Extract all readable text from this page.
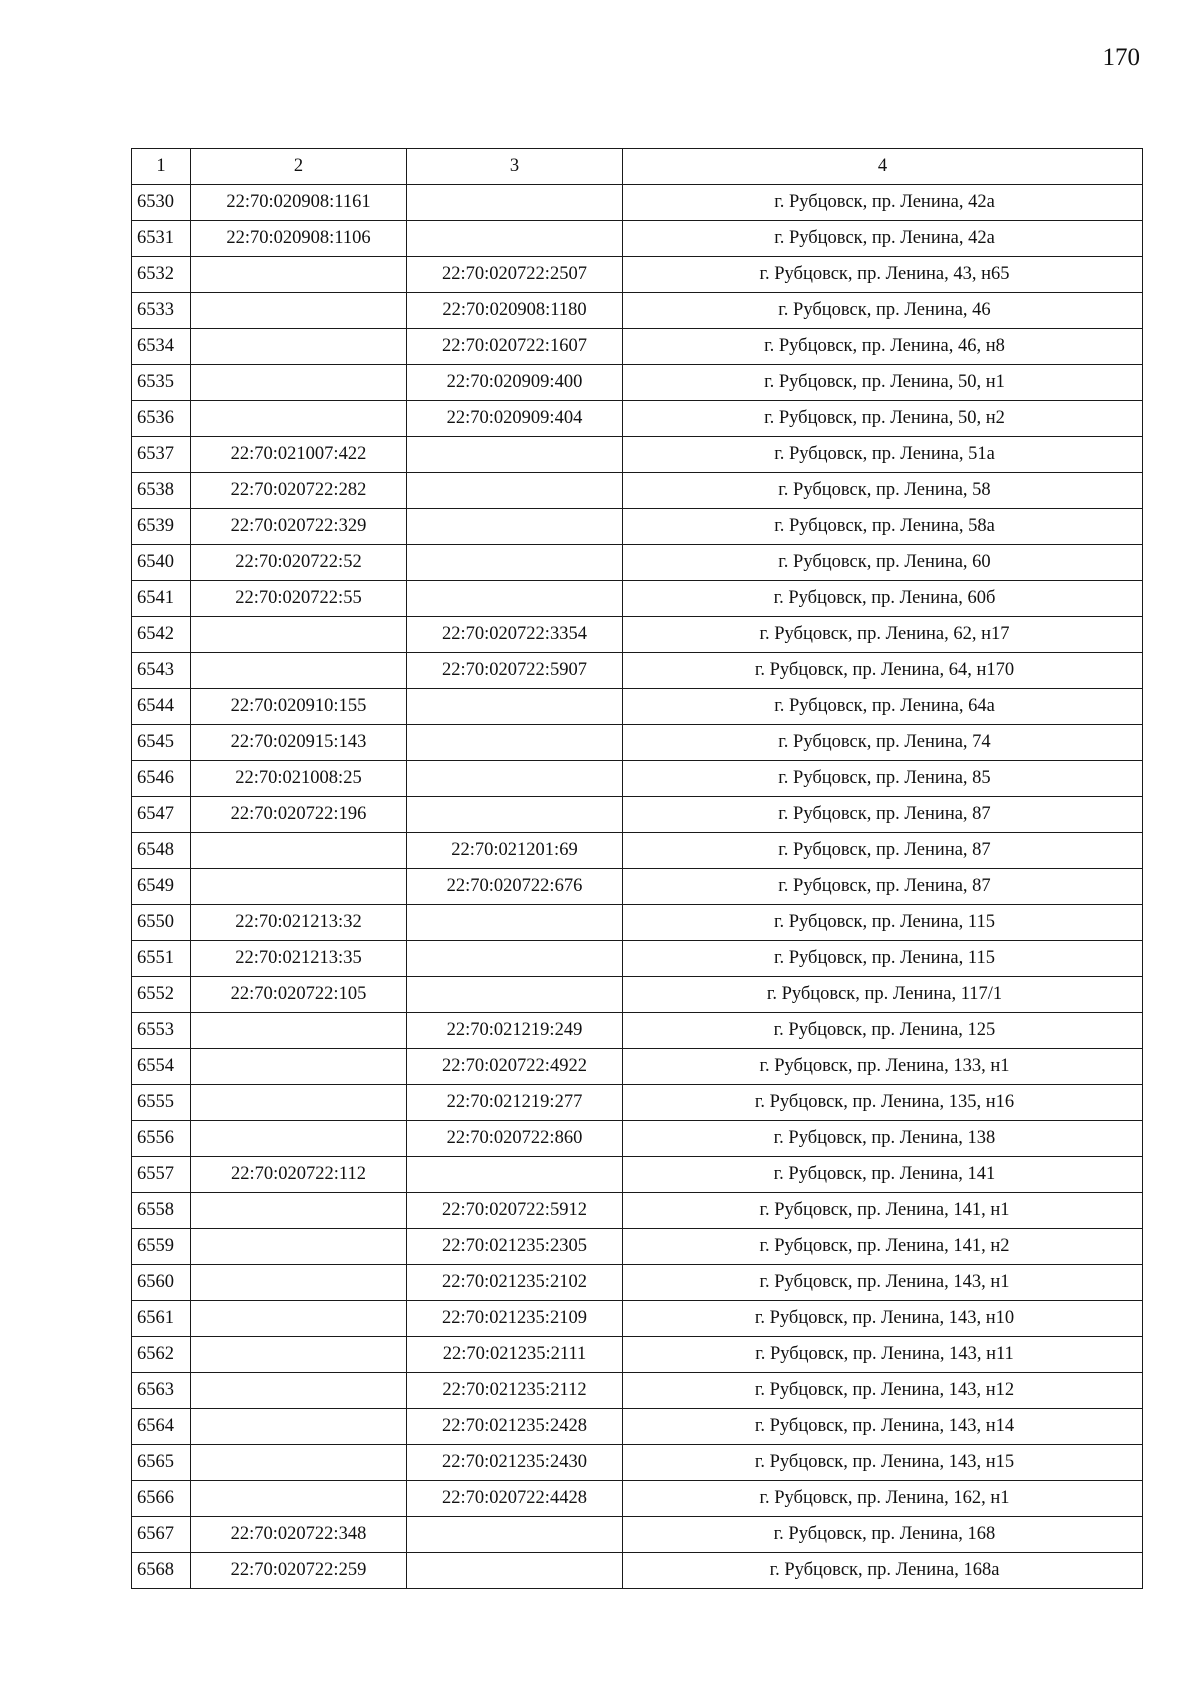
170
1	2	3	4
6530	22:70:020908:1161		г. Рубцовск, пр. Ленина, 42а
6531	22:70:020908:1106		г. Рубцовск, пр. Ленина, 42а
6532		22:70:020722:2507	г. Рубцовск, пр. Ленина, 43, н65
6533		22:70:020908:1180	г. Рубцовск, пр. Ленина, 46
6534		22:70:020722:1607	г. Рубцовск, пр. Ленина, 46, н8
6535		22:70:020909:400	г. Рубцовск, пр. Ленина, 50, н1
6536		22:70:020909:404	г. Рубцовск, пр. Ленина, 50, н2
6537	22:70:021007:422		г. Рубцовск, пр. Ленина, 51а
6538	22:70:020722:282		г. Рубцовск, пр. Ленина, 58
6539	22:70:020722:329		г. Рубцовск, пр. Ленина, 58а
6540	22:70:020722:52		г. Рубцовск, пр. Ленина, 60
6541	22:70:020722:55		г. Рубцовск, пр. Ленина, 60б
6542		22:70:020722:3354	г. Рубцовск, пр. Ленина, 62, н17
6543		22:70:020722:5907	г. Рубцовск, пр. Ленина, 64, н170
6544	22:70:020910:155		г. Рубцовск, пр. Ленина, 64а
6545	22:70:020915:143		г. Рубцовск, пр. Ленина, 74
6546	22:70:021008:25		г. Рубцовск, пр. Ленина, 85
6547	22:70:020722:196		г. Рубцовск, пр. Ленина, 87
6548		22:70:021201:69	г. Рубцовск, пр. Ленина, 87
6549		22:70:020722:676	г. Рубцовск, пр. Ленина, 87
6550	22:70:021213:32		г. Рубцовск, пр. Ленина, 115
6551	22:70:021213:35		г. Рубцовск, пр. Ленина, 115
6552	22:70:020722:105		г. Рубцовск, пр. Ленина, 117/1
6553		22:70:021219:249	г. Рубцовск, пр. Ленина, 125
6554		22:70:020722:4922	г. Рубцовск, пр. Ленина, 133, н1
6555		22:70:021219:277	г. Рубцовск, пр. Ленина, 135, н16
6556		22:70:020722:860	г. Рубцовск, пр. Ленина, 138
6557	22:70:020722:112		г. Рубцовск, пр. Ленина, 141
6558		22:70:020722:5912	г. Рубцовск, пр. Ленина, 141, н1
6559		22:70:021235:2305	г. Рубцовск, пр. Ленина, 141, н2
6560		22:70:021235:2102	г. Рубцовск, пр. Ленина, 143, н1
6561		22:70:021235:2109	г. Рубцовск, пр. Ленина, 143, н10
6562		22:70:021235:2111	г. Рубцовск, пр. Ленина, 143, н11
6563		22:70:021235:2112	г. Рубцовск, пр. Ленина, 143, н12
6564		22:70:021235:2428	г. Рубцовск, пр. Ленина, 143, н14
6565		22:70:021235:2430	г. Рубцовск, пр. Ленина, 143, н15
6566		22:70:020722:4428	г. Рубцовск, пр. Ленина, 162, н1
6567	22:70:020722:348		г. Рубцовск, пр. Ленина, 168
6568	22:70:020722:259		г. Рубцовск, пр. Ленина, 168а
